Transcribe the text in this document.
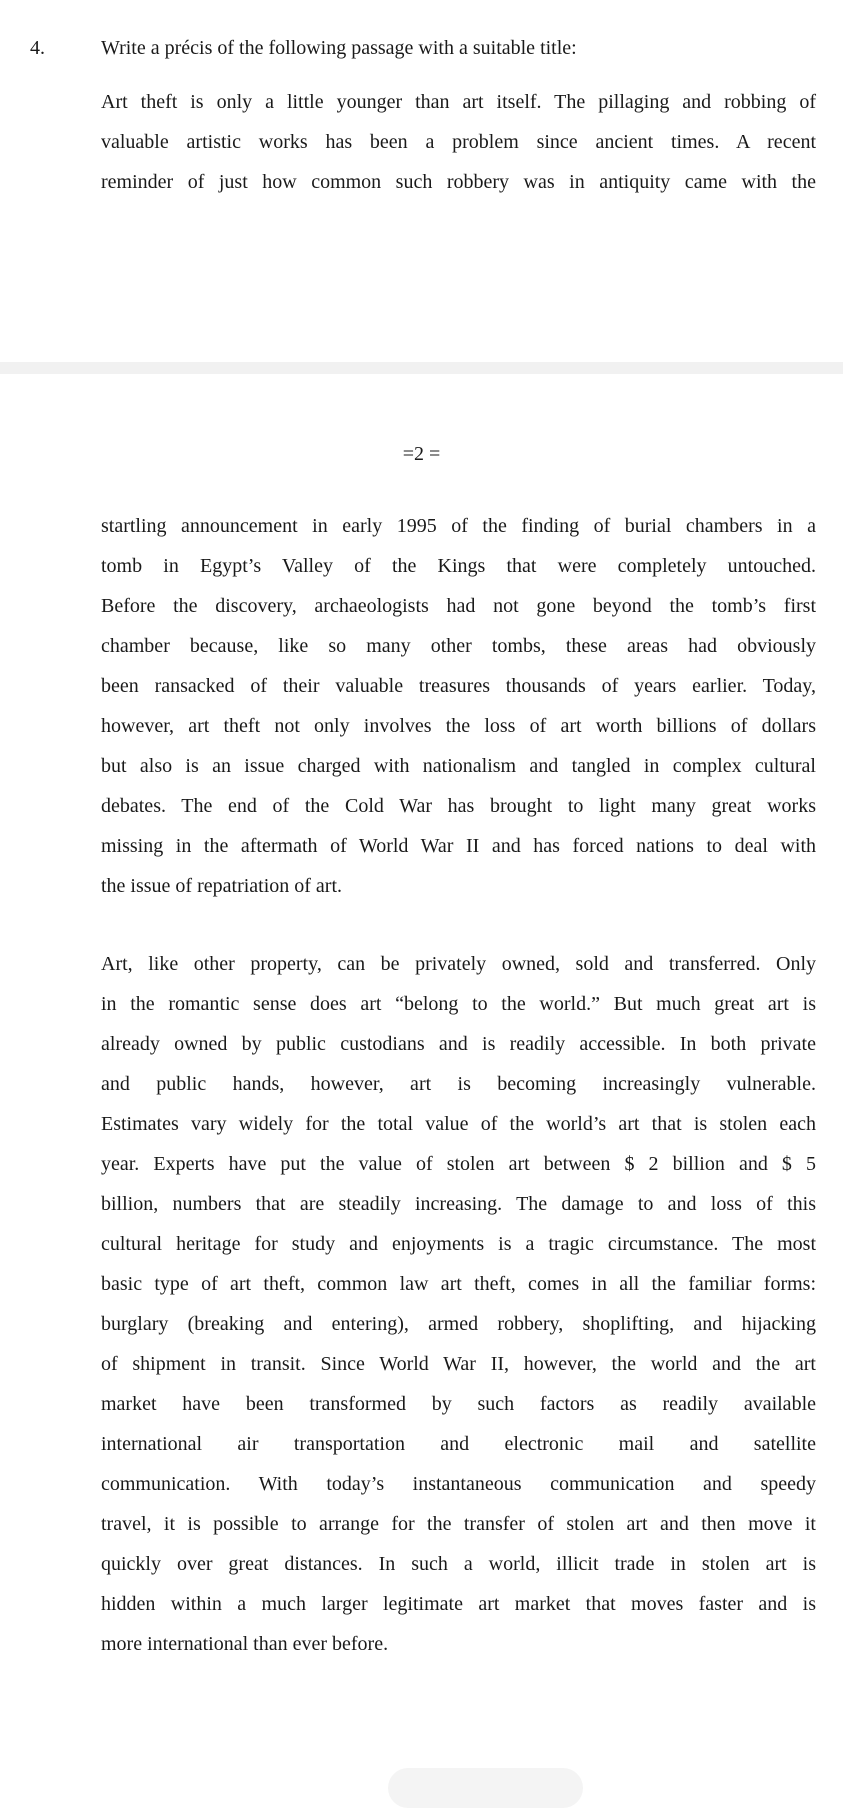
4.	Write a précis of the following passage with a suitable title:

Art theft is only a little younger than art itself. The pillaging and robbing of
valuable artistic works has been a problem since ancient times. A recent
reminder of just how common such robbery was in antiquity came with the

=2 =

startling announcement in early 1995 of the finding of burial chambers in a
tomb in Egypt’s Valley of the Kings that were completely untouched.
Before the discovery, archaeologists had not gone beyond the tomb’s first
chamber because, like so many other tombs, these areas had obviously
been ransacked of their valuable treasures thousands of years earlier. Today,
however, art theft not only involves the loss of art worth billions of dollars
but also is an issue charged with nationalism and tangled in complex cultural
debates. The end of the Cold War has brought to light many great works
missing in the aftermath of World War II and has forced nations to deal with
the issue of repatriation of art.
Art, like other property, can be privately owned, sold and transferred. Only
in the romantic sense does art “belong to the world.” But much great art is
already owned by public custodians and is readily accessible. In both private
and public hands, however, art is becoming increasingly vulnerable.
Estimates vary widely for the total value of the world’s art that is stolen each
year. Experts have put the value of stolen art between $ 2 billion and $ 5
billion, numbers that are steadily increasing. The damage to and loss of this
cultural heritage for study and enjoyments is a tragic circumstance. The most
basic type of art theft, common law art theft, comes in all the familiar forms:
burglary (breaking and entering), armed robbery, shoplifting, and hijacking
of shipment in transit. Since World War II, however, the world and the art
market have been transformed by such factors as readily available
international air transportation and electronic mail and satellite
communication. With today’s instantaneous communication and speedy
travel, it is possible to arrange for the transfer of stolen art and then move it
quickly over great distances. In such a world, illicit trade in stolen art is
hidden within a much larger legitimate art market that moves faster and is
more international than ever before.
